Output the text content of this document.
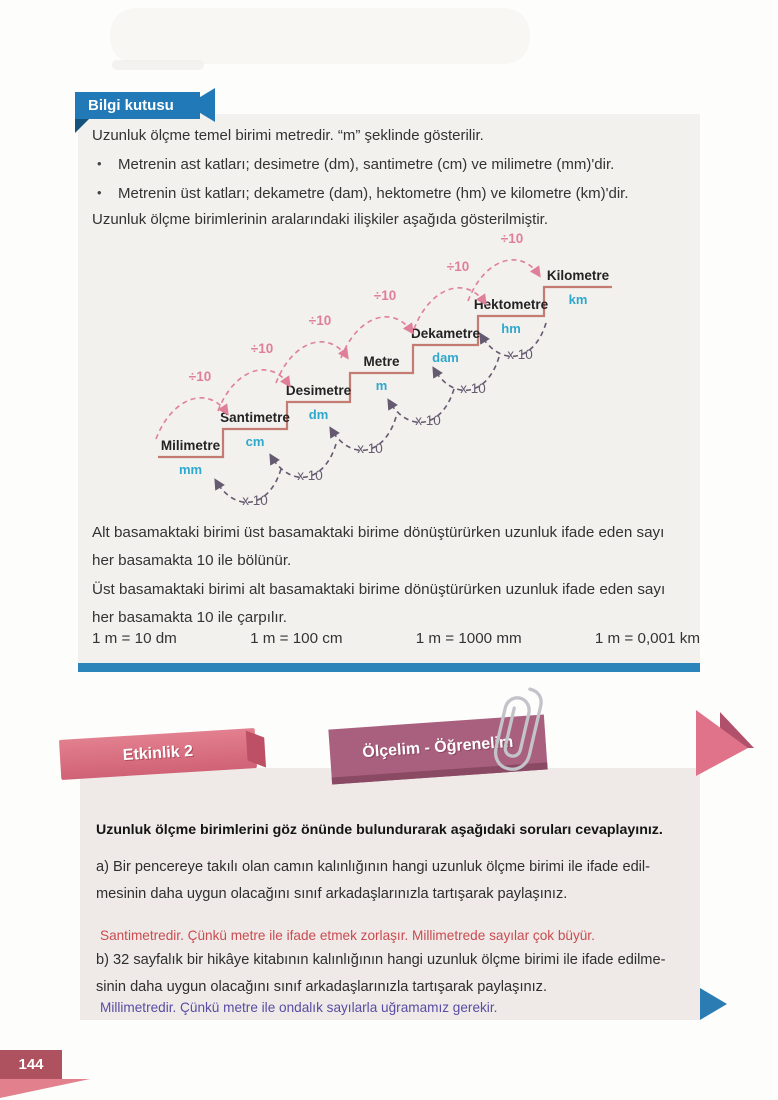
Bilgi kutusu
Uzunluk ölçme temel birimi metredir. “m” şeklinde gösterilir.
• Metrenin ast katları; desimetre (dm), santimetre (cm) ve milimetre (mm)'dir.
• Metrenin üst katları; dekametre (dam), hektometre (hm) ve kilometre (km)'dir.
Uzunluk ölçme birimlerinin aralarındaki ilişkiler aşağıda gösterilmiştir.
Milimetre
mm
Santimetre
cm
Desimetre
dm
Metre
m
Dekametre
dam
Hektometre
hm
Kilometre
km
÷10
÷10
÷10
÷10
÷10
÷10
x 10
x 10
x 10
x 10
x 10
x 10
Alt basamaktaki birimi üst basamaktaki birime dönüştürürken uzunluk ifade eden sayı
her basamakta 10 ile bölünür.
Üst basamaktaki birimi alt basamaktaki birime dönüştürürken uzunluk ifade eden sayı
her basamakta 10 ile çarpılır.
1 m = 10 dm	1 m = 100 cm	1 m = 1000 mm	1 m = 0,001 km
Etkinlik 2	Ölçelim - Öğrenelim
Uzunluk ölçme birimlerini göz önünde bulundurarak aşağıdaki soruları cevaplayınız.
a) Bir pencereye takılı olan camın kalınlığının hangi uzunluk ölçme birimi ile ifade edil-
mesinin daha uygun olacağını sınıf arkadaşlarınızla tartışarak paylaşınız.
Santimetredir. Çünkü metre ile ifade etmek zorlaşır. Millimetrede sayılar çok büyür.
b) 32 sayfalık bir hikâye kitabının kalınlığının hangi uzunluk ölçme birimi ile ifade edilme-
sinin daha uygun olacağını sınıf arkadaşlarınızla tartışarak paylaşınız.
Millimetredir. Çünkü metre ile ondalık sayılarla uğramamız gerekir.
144
